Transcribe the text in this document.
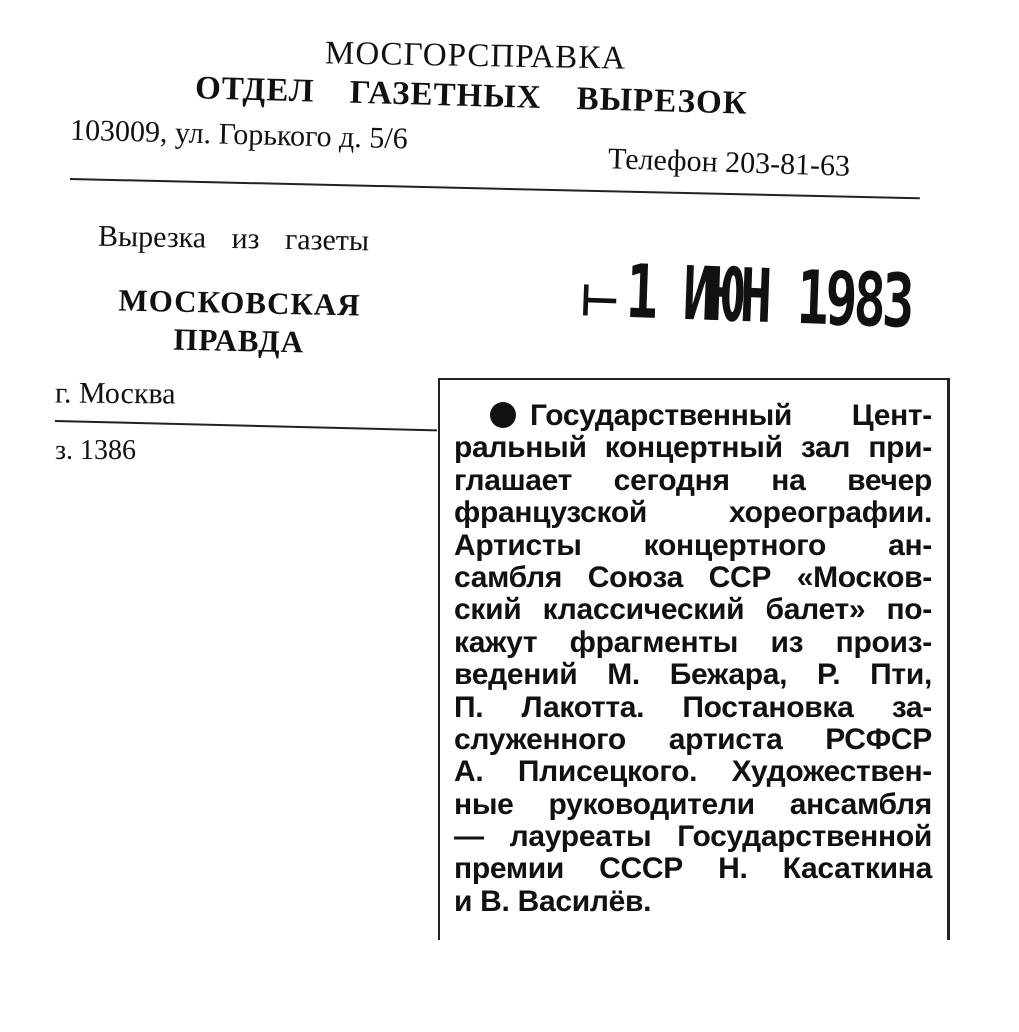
МОСГОРСПРАВКА
ОТДЕЛ ГАЗЕТНЫХ ВЫРЕЗОК
103009, ул. Горького д. 5/6
Телефон 203-81-63
Вырезка из газеты
МОСКОВСКАЯ
ПРАВДА
г. Москва
з. 1386
⊢1 ИЮН 1983
Государственный Цент-
ральный концертный зал при-
глашает сегодня на вечер
французской хореографии.
Артисты концертного ан-
самбля Союза ССР «Москов-
ский классический балет» по-
кажут фрагменты из произ-
ведений М. Бежара, Р. Пти,
П. Лакотта. Постановка за-
служенного артиста РСФСР
А. Плисецкого. Художествен-
ные руководители ансамбля
— лауреаты Государственной
премии СССР Н. Касаткина
и В. Василёв.
